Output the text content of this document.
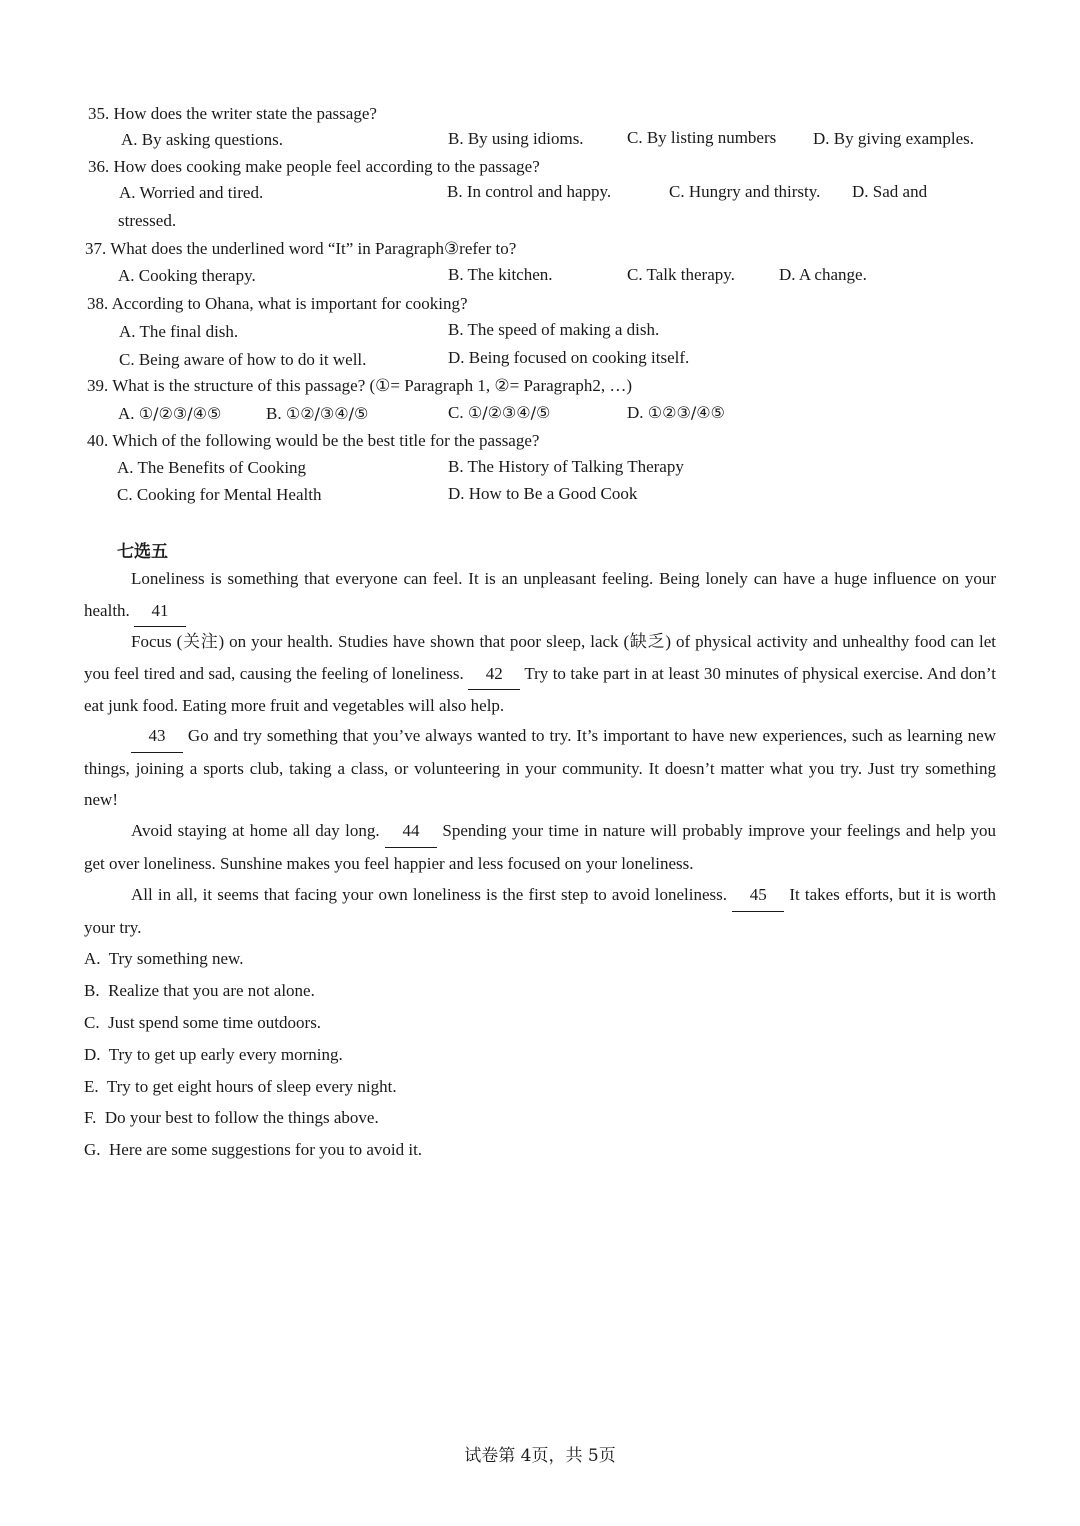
35. How does the writer state the passage?
A. By asking questions.	B. By using idioms.	C. By listing numbers D. By giving examples.
36. How does cooking make people feel according to the passage?
A. Worried and tired.	B. In control and happy.	C. Hungry and thirsty. D. Sad and
stressed.
37. What does the underlined word “It” in Paragraph③refer to?
A. Cooking therapy.	B. The kitchen.	C. Talk therapy.	D. A change.
38. According to Ohana, what is important for cooking?
A. The final dish.	B. The speed of making a dish.
C. Being aware of how to do it well.	D. Being focused on cooking itself.
39. What is the structure of this passage? (①= Paragraph 1, ②= Paragraph2, …)
A. ①/②③/④⑤	B. ①②/③④/⑤	C. ①/②③④/⑤	D. ①②③/④⑤
40. Which of the following would be the best title for the passage?
A. The Benefits of Cooking	B. The History of Talking Therapy
C. Cooking for Mental Health	D. How to Be a Good Cook
七选五
Loneliness is something that everyone can feel. It is an unpleasant feeling. Being lonely can have a huge influence on your health. 41
Focus (关注) on your health. Studies have shown that poor sleep, lack (缺乏) of physical activity and unhealthy food can let you feel tired and sad, causing the feeling of loneliness. 42 Try to take part in at least 30 minutes of physical exercise. And don’t eat junk food. Eating more fruit and vegetables will also help.
43 Go and try something that you’ve always wanted to try. It’s important to have new experiences, such as learning new things, joining a sports club, taking a class, or volunteering in your community. It doesn’t matter what you try. Just try something new!
Avoid staying at home all day long. 44 Spending your time in nature will probably improve your feelings and help you get over loneliness. Sunshine makes you feel happier and less focused on your loneliness.
All in all, it seems that facing your own loneliness is the first step to avoid loneliness. 45 It takes efforts, but it is worth your try.
A. Try something new.
B. Realize that you are not alone.
C. Just spend some time outdoors.
D. Try to get up early every morning.
E. Try to get eight hours of sleep every night.
F. Do your best to follow the things above.
G. Here are some suggestions for you to avoid it.
试卷第 4页，共 5页
